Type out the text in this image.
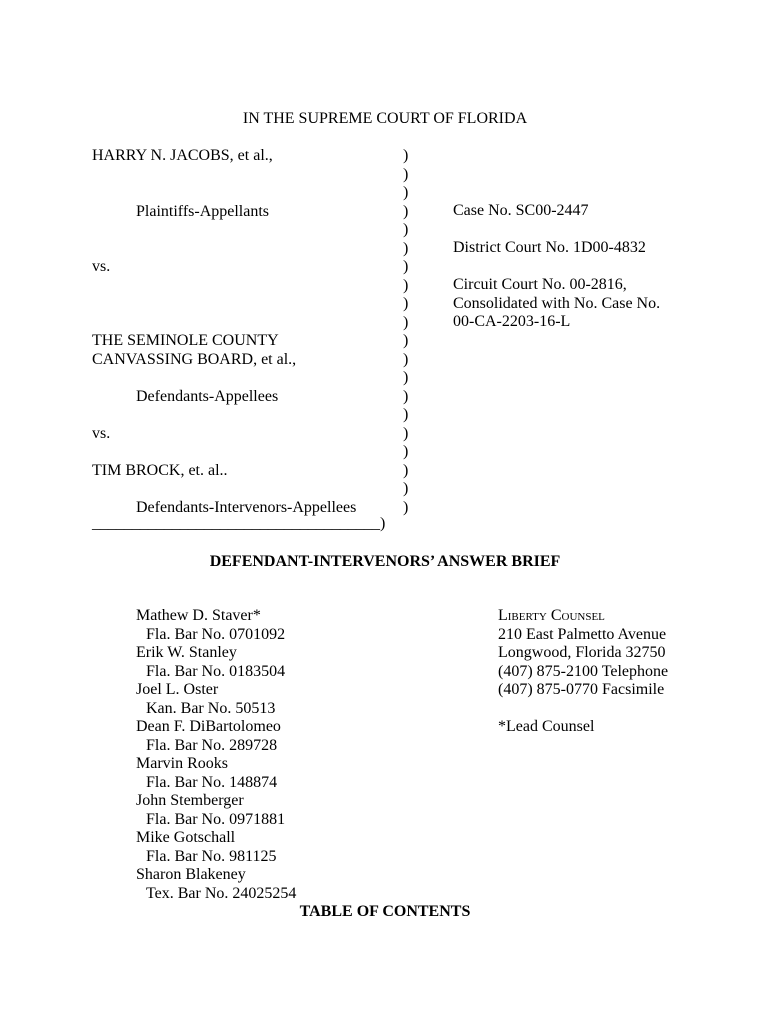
IN THE SUPREME COURT OF FLORIDA
HARRY N. JACOBS, et al.,
Plaintiffs-Appellants
vs.
THE SEMINOLE COUNTY
CANVASSING BOARD, et al.,
Defendants-Appellees
vs.
TIM BROCK, et. al..
Defendants-Intervenors-Appellees
)
)
)
)
)
)
)
)
)
)
)
)
)
)
)
)
)
)
)
)
Case No. SC00-2447
District Court No. 1D00-4832
Circuit Court No. 00-2816,
Consolidated with No. Case No.
00-CA-2203-16-L
____________________________________)
DEFENDANT-INTERVENORS’ ANSWER BRIEF
Mathew D. Staver*
Fla. Bar No. 0701092
Erik W. Stanley
Fla. Bar No. 0183504
Joel L. Oster
Kan. Bar No. 50513
Dean F. DiBartolomeo
Fla. Bar No. 289728
Marvin Rooks
Fla. Bar No. 148874
John Stemberger
Fla. Bar No. 0971881
Mike Gotschall
Fla. Bar No. 981125
Sharon Blakeney
Tex. Bar No. 24025254
Liberty Counsel
210 East Palmetto Avenue
Longwood, Florida 32750
(407) 875-2100 Telephone
(407) 875-0770 Facsimile
*Lead Counsel
TABLE OF CONTENTS
